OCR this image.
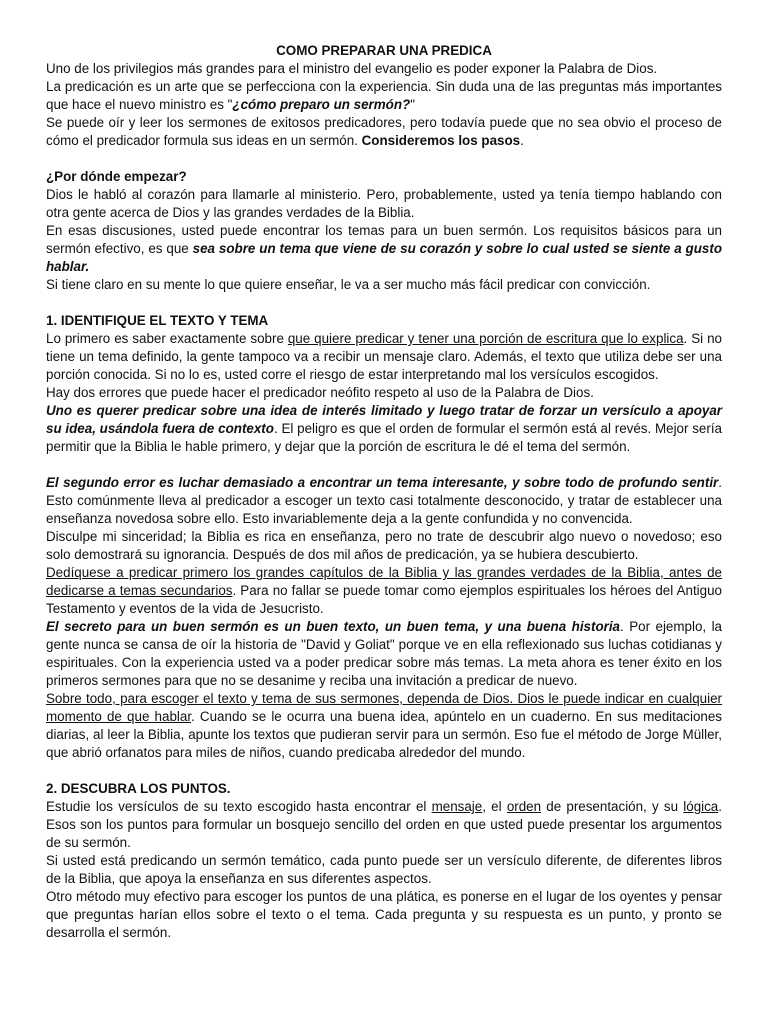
COMO PREPARAR UNA PREDICA

Uno de los privilegios más grandes para el ministro del evangelio es poder exponer la Palabra de Dios.

La predicación es un arte que se perfecciona con la experiencia. Sin duda una de las preguntas más importantes que hace el nuevo ministro es "¿cómo preparo un sermón?"

Se puede oír y leer los sermones de exitosos predicadores, pero todavía puede que no sea obvio el proceso de cómo el predicador formula sus ideas en un sermón. Consideremos los pasos.

¿Por dónde empezar?

Dios le habló al corazón para llamarle al ministerio. Pero, probablemente, usted ya tenía tiempo hablando con otra gente acerca de Dios y las grandes verdades de la Biblia.

En esas discusiones, usted puede encontrar los temas para un buen sermón. Los requisitos básicos para un sermón efectivo, es que sea sobre un tema que viene de su corazón y sobre lo cual usted se siente a gusto hablar.

Si tiene claro en su mente lo que quiere enseñar, le va a ser mucho más fácil predicar con convicción.

1. IDENTIFIQUE EL TEXTO Y TEMA

Lo primero es saber exactamente sobre que quiere predicar y tener una porción de escritura que lo explica. Si no tiene un tema definido, la gente tampoco va a recibir un mensaje claro. Además, el texto que utiliza debe ser una porción conocida. Si no lo es, usted corre el riesgo de estar interpretando mal los versículos escogidos.

Hay dos errores que puede hacer el predicador neófito respeto al uso de la Palabra de Dios.

Uno es querer predicar sobre una idea de interés limitado y luego tratar de forzar un versículo a apoyar su idea, usándola fuera de contexto. El peligro es que el orden de formular el sermón está al revés. Mejor sería permitir que la Biblia le hable primero, y dejar que la porción de escritura le dé el tema del sermón.

El segundo error es luchar demasiado a encontrar un tema interesante, y sobre todo de profundo sentir. Esto comúnmente lleva al predicador a escoger un texto casi totalmente desconocido, y tratar de establecer una enseñanza novedosa sobre ello. Esto invariablemente deja a la gente confundida y no convencida.

Disculpe mi sinceridad; la Biblia es rica en enseñanza, pero no trate de descubrir algo nuevo o novedoso; eso solo demostrará su ignorancia. Después de dos mil años de predicación, ya se hubiera descubierto.

Dedíquese a predicar primero los grandes capítulos de la Biblia y las grandes verdades de la Biblia, antes de dedicarse a temas secundarios. Para no fallar se puede tomar como ejemplos espirituales los héroes del Antiguo Testamento y eventos de la vida de Jesucristo.

El secreto para un buen sermón es un buen texto, un buen tema, y una buena historia. Por ejemplo, la gente nunca se cansa de oír la historia de "David y Goliat" porque ve en ella reflexionado sus luchas cotidianas y espirituales. Con la experiencia usted va a poder predicar sobre más temas. La meta ahora es tener éxito en los primeros sermones para que no se desanime y reciba una invitación a predicar de nuevo.

Sobre todo, para escoger el texto y tema de sus sermones, dependa de Dios. Dios le puede indicar en cualquier momento de que hablar. Cuando se le ocurra una buena idea, apúntelo en un cuaderno. En sus meditaciones diarias, al leer la Biblia, apunte los textos que pudieran servir para un sermón. Eso fue el método de Jorge Müller, que abrió orfanatos para miles de niños, cuando predicaba alrededor del mundo.

2. DESCUBRA LOS PUNTOS.

Estudie los versículos de su texto escogido hasta encontrar el mensaje, el orden de presentación, y su lógica. Esos son los puntos para formular un bosquejo sencillo del orden en que usted puede presentar los argumentos de su sermón.

Si usted está predicando un sermón temático, cada punto puede ser un versículo diferente, de diferentes libros de la Biblia, que apoya la enseñanza en sus diferentes aspectos.

Otro método muy efectivo para escoger los puntos de una plática, es ponerse en el lugar de los oyentes y pensar que preguntas harían ellos sobre el texto o el tema. Cada pregunta y su respuesta es un punto, y pronto se desarrolla el sermón.
